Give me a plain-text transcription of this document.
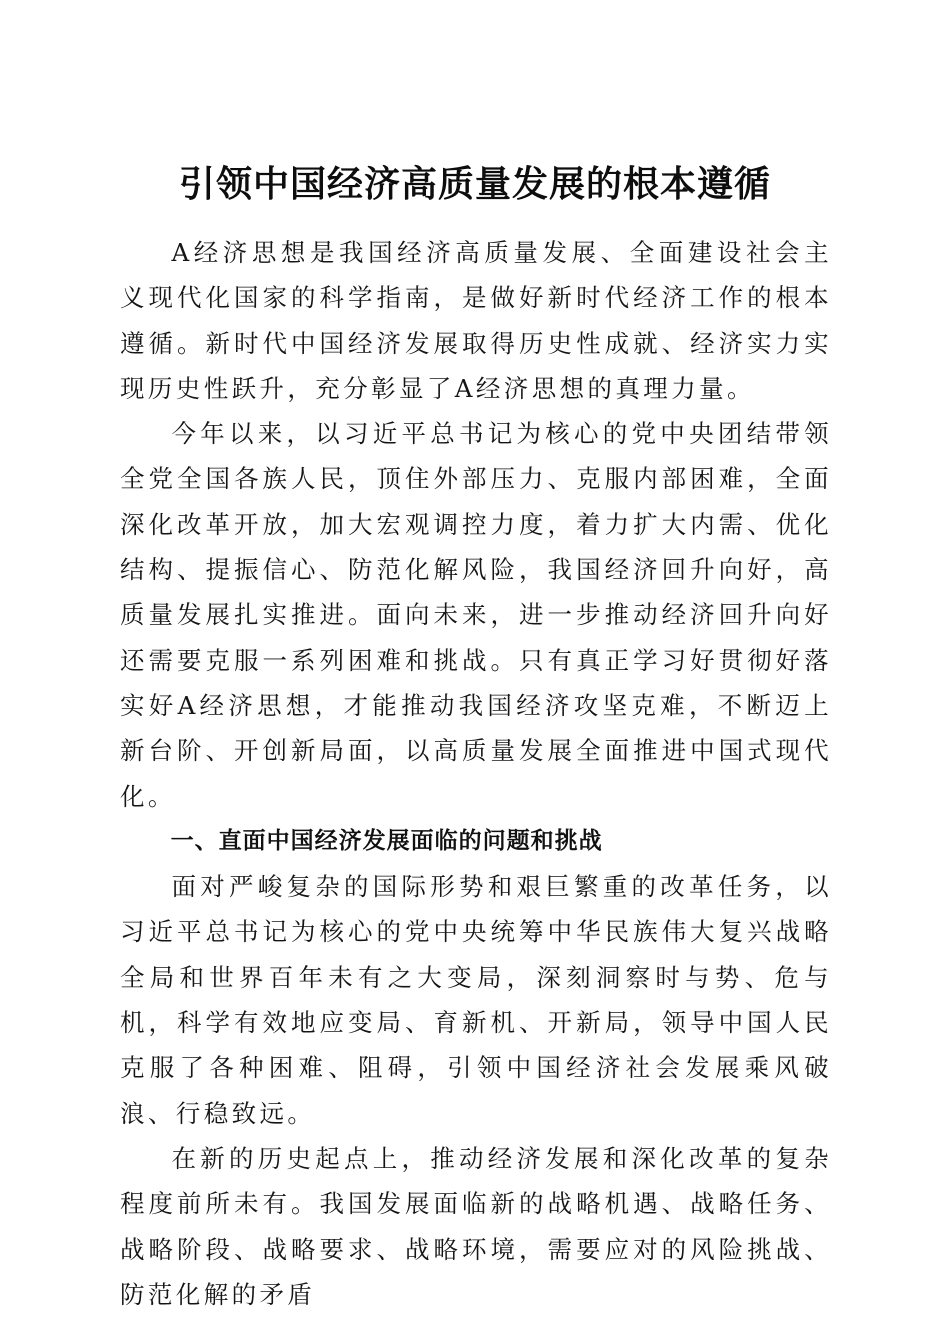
引领中国经济高质量发展的根本遵循

A经济思想是我国经济高质量发展、全面建设社会主义现代化国家的科学指南，是做好新时代经济工作的根本遵循。新时代中国经济发展取得历史性成就、经济实力实现历史性跃升，充分彰显了A经济思想的真理力量。

今年以来，以习近平总书记为核心的党中央团结带领全党全国各族人民，顶住外部压力、克服内部困难，全面深化改革开放，加大宏观调控力度，着力扩大内需、优化结构、提振信心、防范化解风险，我国经济回升向好，高质量发展扎实推进。面向未来，进一步推动经济回升向好还需要克服一系列困难和挑战。只有真正学习好贯彻好落实好A经济思想，才能推动我国经济攻坚克难，不断迈上新台阶、开创新局面，以高质量发展全面推进中国式现代化。

一、直面中国经济发展面临的问题和挑战

面对严峻复杂的国际形势和艰巨繁重的改革任务，以习近平总书记为核心的党中央统筹中华民族伟大复兴战略全局和世界百年未有之大变局，深刻洞察时与势、危与机，科学有效地应变局、育新机、开新局，领导中国人民克服了各种困难、阻碍，引领中国经济社会发展乘风破浪、行稳致远。

在新的历史起点上，推动经济发展和深化改革的复杂程度前所未有。我国发展面临新的战略机遇、战略任务、战略阶段、战略要求、战略环境，需要应对的风险挑战、防范化解的矛盾
